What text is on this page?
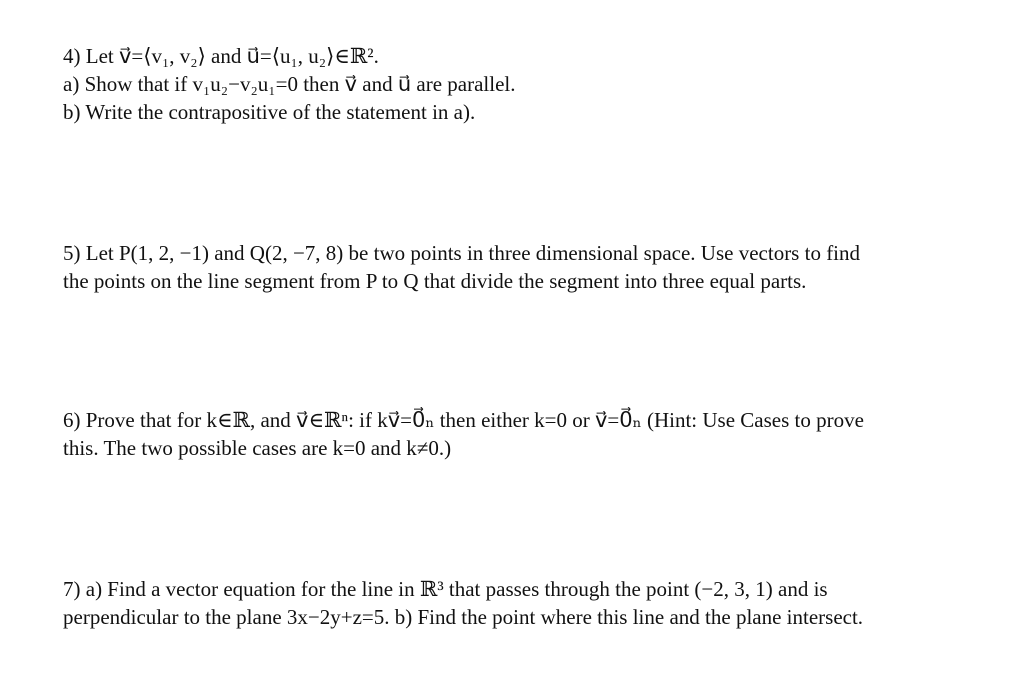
4) Let v⃗=⟨v₁, v₂⟩ and u⃗=⟨u₁, u₂⟩∈ℝ².
a) Show that if v₁u₂−v₂u₁=0 then v⃗ and u⃗ are parallel.
b) Write the contrapositive of the statement in a).
5) Let P(1, 2, −1) and Q(2, −7, 8) be two points in three dimensional space. Use vectors to find
the points on the line segment from P to Q that divide the segment into three equal parts.
6) Prove that for k∈ℝ, and v⃗∈ℝⁿ: if kv⃗=0⃗ₙ then either k=0 or v⃗=0⃗ₙ (Hint: Use Cases to prove
this. The two possible cases are k=0 and k≠0.)
7) a) Find a vector equation for the line in ℝ³ that passes through the point (−2, 3, 1) and is
perpendicular to the plane 3x−2y+z=5. b) Find the point where this line and the plane intersect.
